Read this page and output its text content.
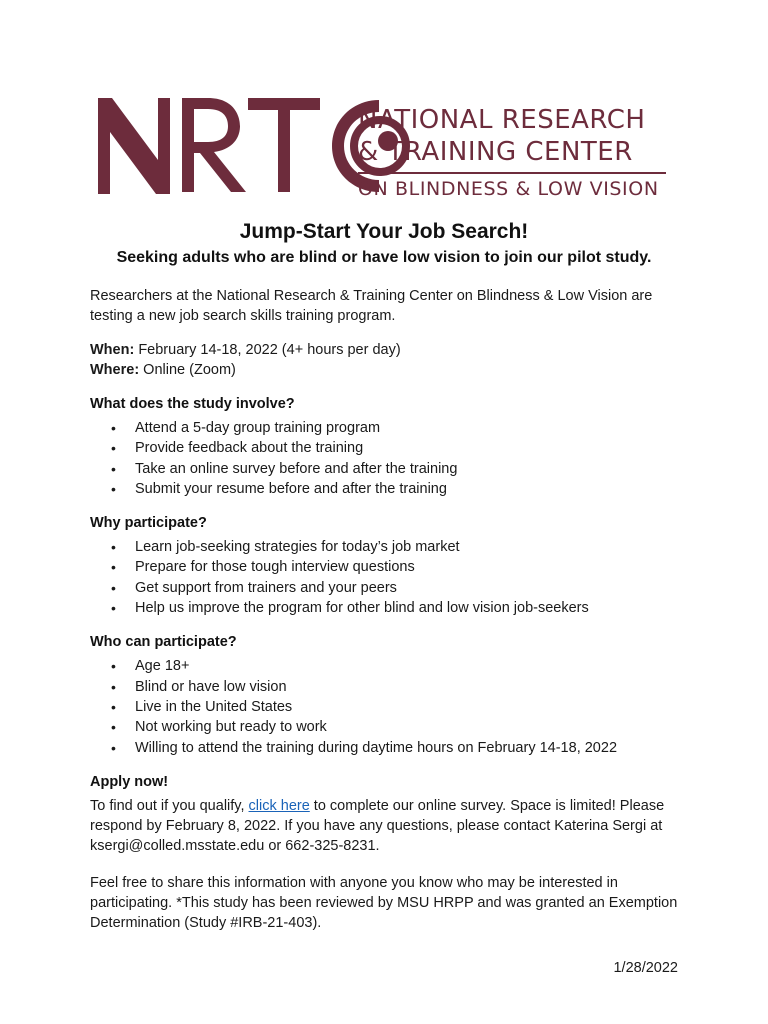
NATIONAL RESEARCH
& TRAINING CENTER
ON BLINDNESS & LOW VISION
Jump-Start Your Job Search!
Seeking adults who are blind or have low vision to join our pilot study.

Researchers at the National Research & Training Center on Blindness & Low Vision are testing a new job search skills training program.

When: February 14-18, 2022 (4+ hours per day)

Where: Online (Zoom)

What does the study involve?
• Attend a 5-day group training program
• Provide feedback about the training
• Take an online survey before and after the training
• Submit your resume before and after the training
Why participate?
• Learn job-seeking strategies for today’s job market
• Prepare for those tough interview questions
• Get support from trainers and your peers
• Help us improve the program for other blind and low vision job-seekers
Who can participate?
• Age 18+
• Blind or have low vision
• Live in the United States
• Not working but ready to work
• Willing to attend the training during daytime hours on February 14-18, 2022
Apply now!

To find out if you qualify, click here to complete our online survey. Space is limited! Please respond by February 8, 2022. If you have any questions, please contact Katerina Sergi at ksergi@colled.msstate.edu or 662-325-8231.

Feel free to share this information with anyone you know who may be interested in participating. *This study has been reviewed by MSU HRPP and was granted an Exemption Determination (Study #IRB-21-403).

1/28/2022
